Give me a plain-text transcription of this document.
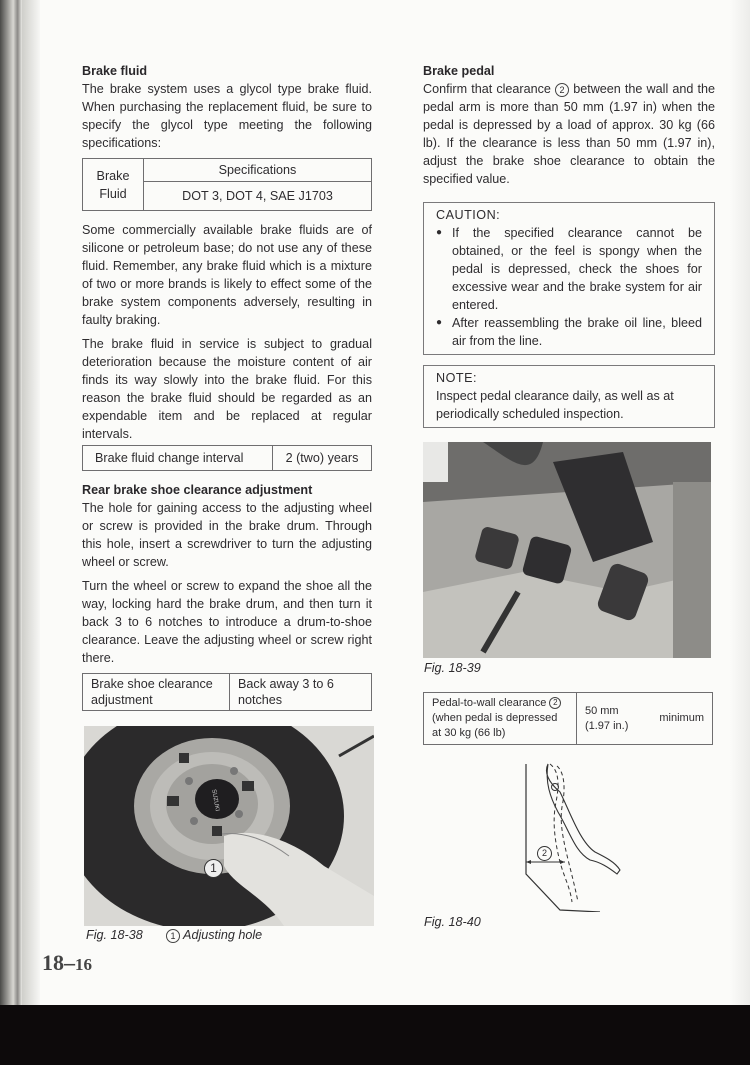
Brake fluid

The brake system uses a glycol type brake fluid. When purchasing the replacement fluid, be sure to specify the glycol type meeting the following specifications:

Brake Fluid	Specifications
DOT 3, DOT 4, SAE J1703

Some commercially available brake fluids are of silicone or petroleum base; do not use any of these fluid. Remember, any brake fluid which is a mixture of two or more brands is likely to effect some of the brake system components adversely, resulting in faulty braking.

The brake fluid in service is subject to gradual deterioration because the moisture content of air finds its way slowly into the brake fluid. For this reason the brake fluid should be regarded as an expendable item and be replaced at regular intervals.

Brake fluid change interval	2 (two) years
Rear brake shoe clearance adjustment

The hole for gaining access to the adjusting wheel or screw is provided in the brake drum. Through this hole, insert a screwdriver to turn the adjusting wheel or screw.

Turn the wheel or screw to expand the shoe all the way, locking hard the brake drum, and then turn it back 3 to 6 notches to introduce a drum-to-shoe clearance. Leave the adjusting wheel or screw right there.

Brake shoe clearance adjustment	Back away 3 to 6 notches
SUZUKI
1
Fig. 18-38	1 Adjusting hole
18–16
Brake pedal

Confirm that clearance 2 between the wall and the pedal arm is more than 50 mm (1.97 in) when the pedal is depressed by a load of approx. 30 kg (66 lb). If the clearance is less than 50 mm (1.97 in), adjust the brake shoe clearance to obtain the specified value.

CAUTION:
● If the specified clearance cannot be obtained, or the feel is spongy when the pedal is depressed, check the shoes for excessive wear and the brake system for air entered.
● After reassembling the brake oil line, bleed air from the line.
NOTE:
Inspect pedal clearance daily, as well as at periodically scheduled inspection.
Fig. 18-39
Pedal-to-wall clearance 2
(when pedal is depressed at 30 kg (66 lb)	50 mm (1.97 in.)	minimum
2
Fig. 18-40
